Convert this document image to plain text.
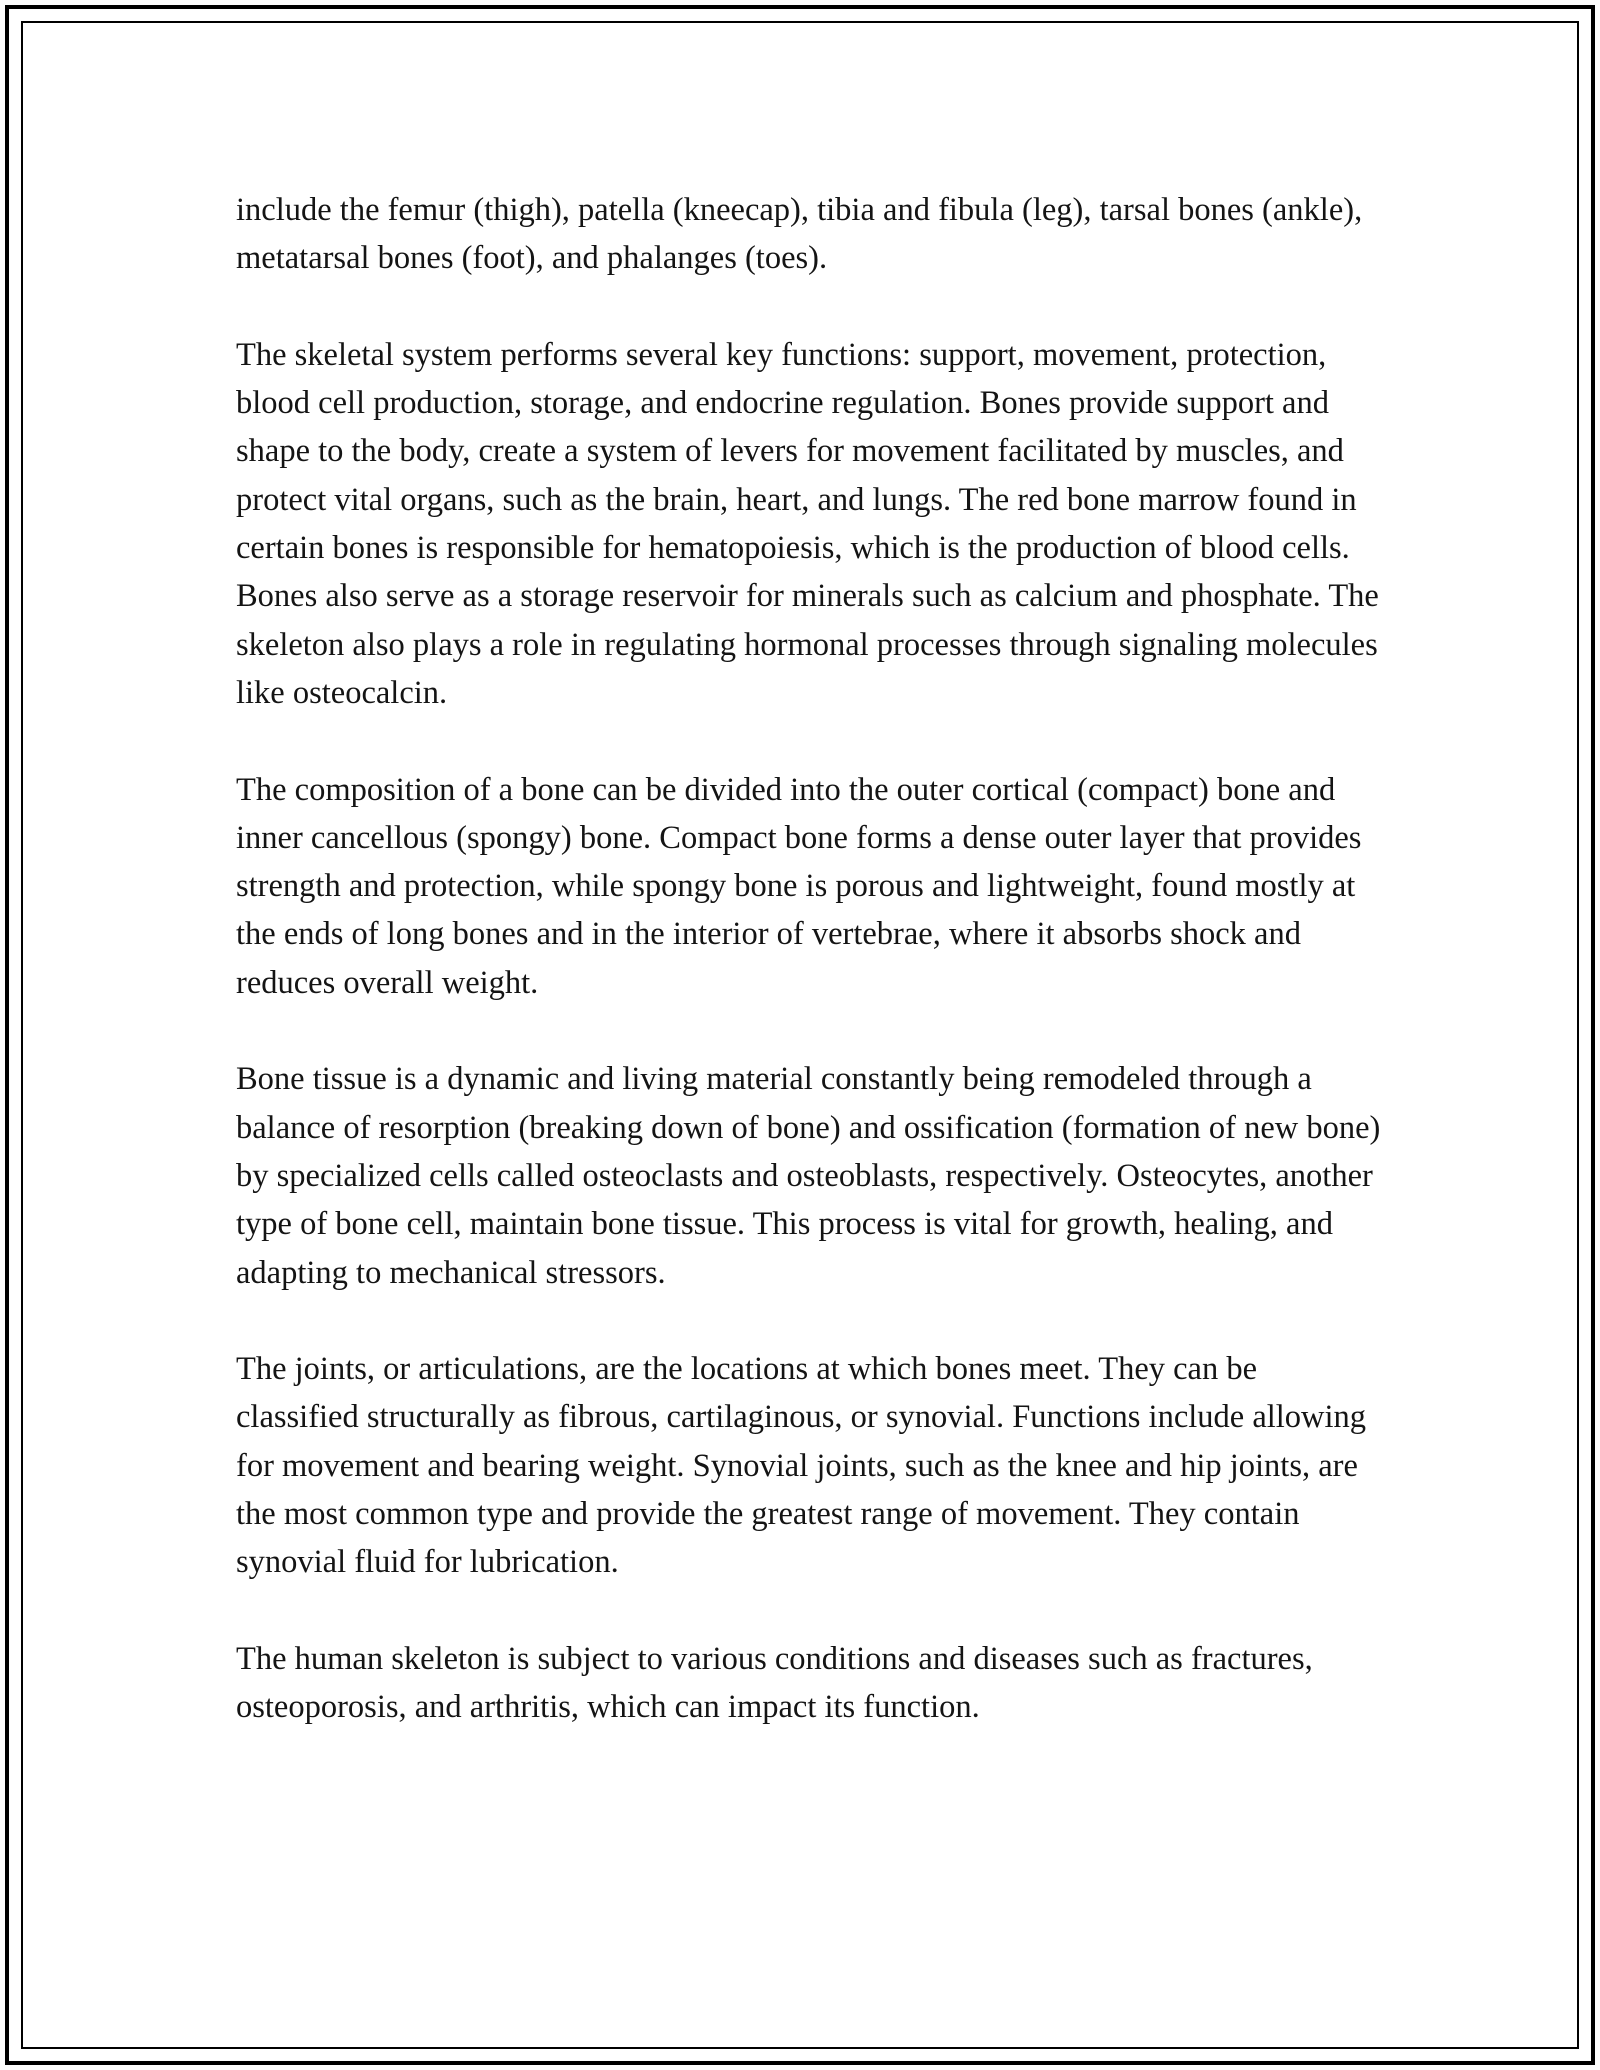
include the femur (thigh), patella (kneecap), tibia and fibula (leg), tarsal bones (ankle), metatarsal bones (foot), and phalanges (toes).

The skeletal system performs several key functions: support, movement, protection, blood cell production, storage, and endocrine regulation. Bones provide support and shape to the body, create a system of levers for movement facilitated by muscles, and protect vital organs, such as the brain, heart, and lungs. The red bone marrow found in certain bones is responsible for hematopoiesis, which is the production of blood cells. Bones also serve as a storage reservoir for minerals such as calcium and phosphate. The skeleton also plays a role in regulating hormonal processes through signaling molecules like osteocalcin.

The composition of a bone can be divided into the outer cortical (compact) bone and inner cancellous (spongy) bone. Compact bone forms a dense outer layer that provides strength and protection, while spongy bone is porous and lightweight, found mostly at the ends of long bones and in the interior of vertebrae, where it absorbs shock and reduces overall weight.

Bone tissue is a dynamic and living material constantly being remodeled through a balance of resorption (breaking down of bone) and ossification (formation of new bone) by specialized cells called osteoclasts and osteoblasts, respectively. Osteocytes, another type of bone cell, maintain bone tissue. This process is vital for growth, healing, and adapting to mechanical stressors.

The joints, or articulations, are the locations at which bones meet. They can be classified structurally as fibrous, cartilaginous, or synovial. Functions include allowing for movement and bearing weight. Synovial joints, such as the knee and hip joints, are the most common type and provide the greatest range of movement. They contain synovial fluid for lubrication.

The human skeleton is subject to various conditions and diseases such as fractures, osteoporosis, and arthritis, which can impact its function.
